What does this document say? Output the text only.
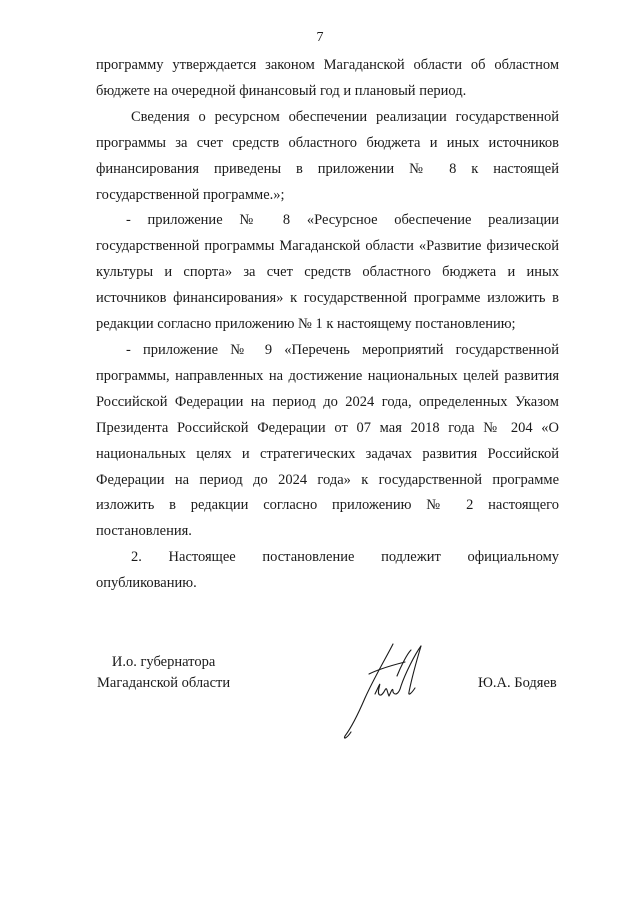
7

программу утверждается законом Магаданской области об областном бюджете на очередной финансовый год и плановый период.

Сведения о ресурсном обеспечении реализации государственной программы за счет средств областного бюджета и иных источников финансирования приведены в приложении № 8 к настоящей государственной программе.»;

- приложение № 8 «Ресурсное обеспечение реализации государственной программы Магаданской области «Развитие физической культуры и спорта» за счет средств областного бюджета и иных источников финансирования» к государственной программе изложить в редакции согласно приложению № 1 к настоящему постановлению;

- приложение № 9 «Перечень мероприятий государственной программы, направленных на достижение национальных целей развития Российской Федерации на период до 2024 года, определенных Указом Президента Российской Федерации от 07 мая 2018 года № 204 «О национальных целях и стратегических задачах развития Российской Федерации на период до 2024 года» к государственной программе изложить в редакции согласно приложению № 2 настоящего постановления.

2. Настоящее постановление подлежит официальному опубликованию.

И.о. губернатора
Магаданской области	Ю.А. Бодяев
